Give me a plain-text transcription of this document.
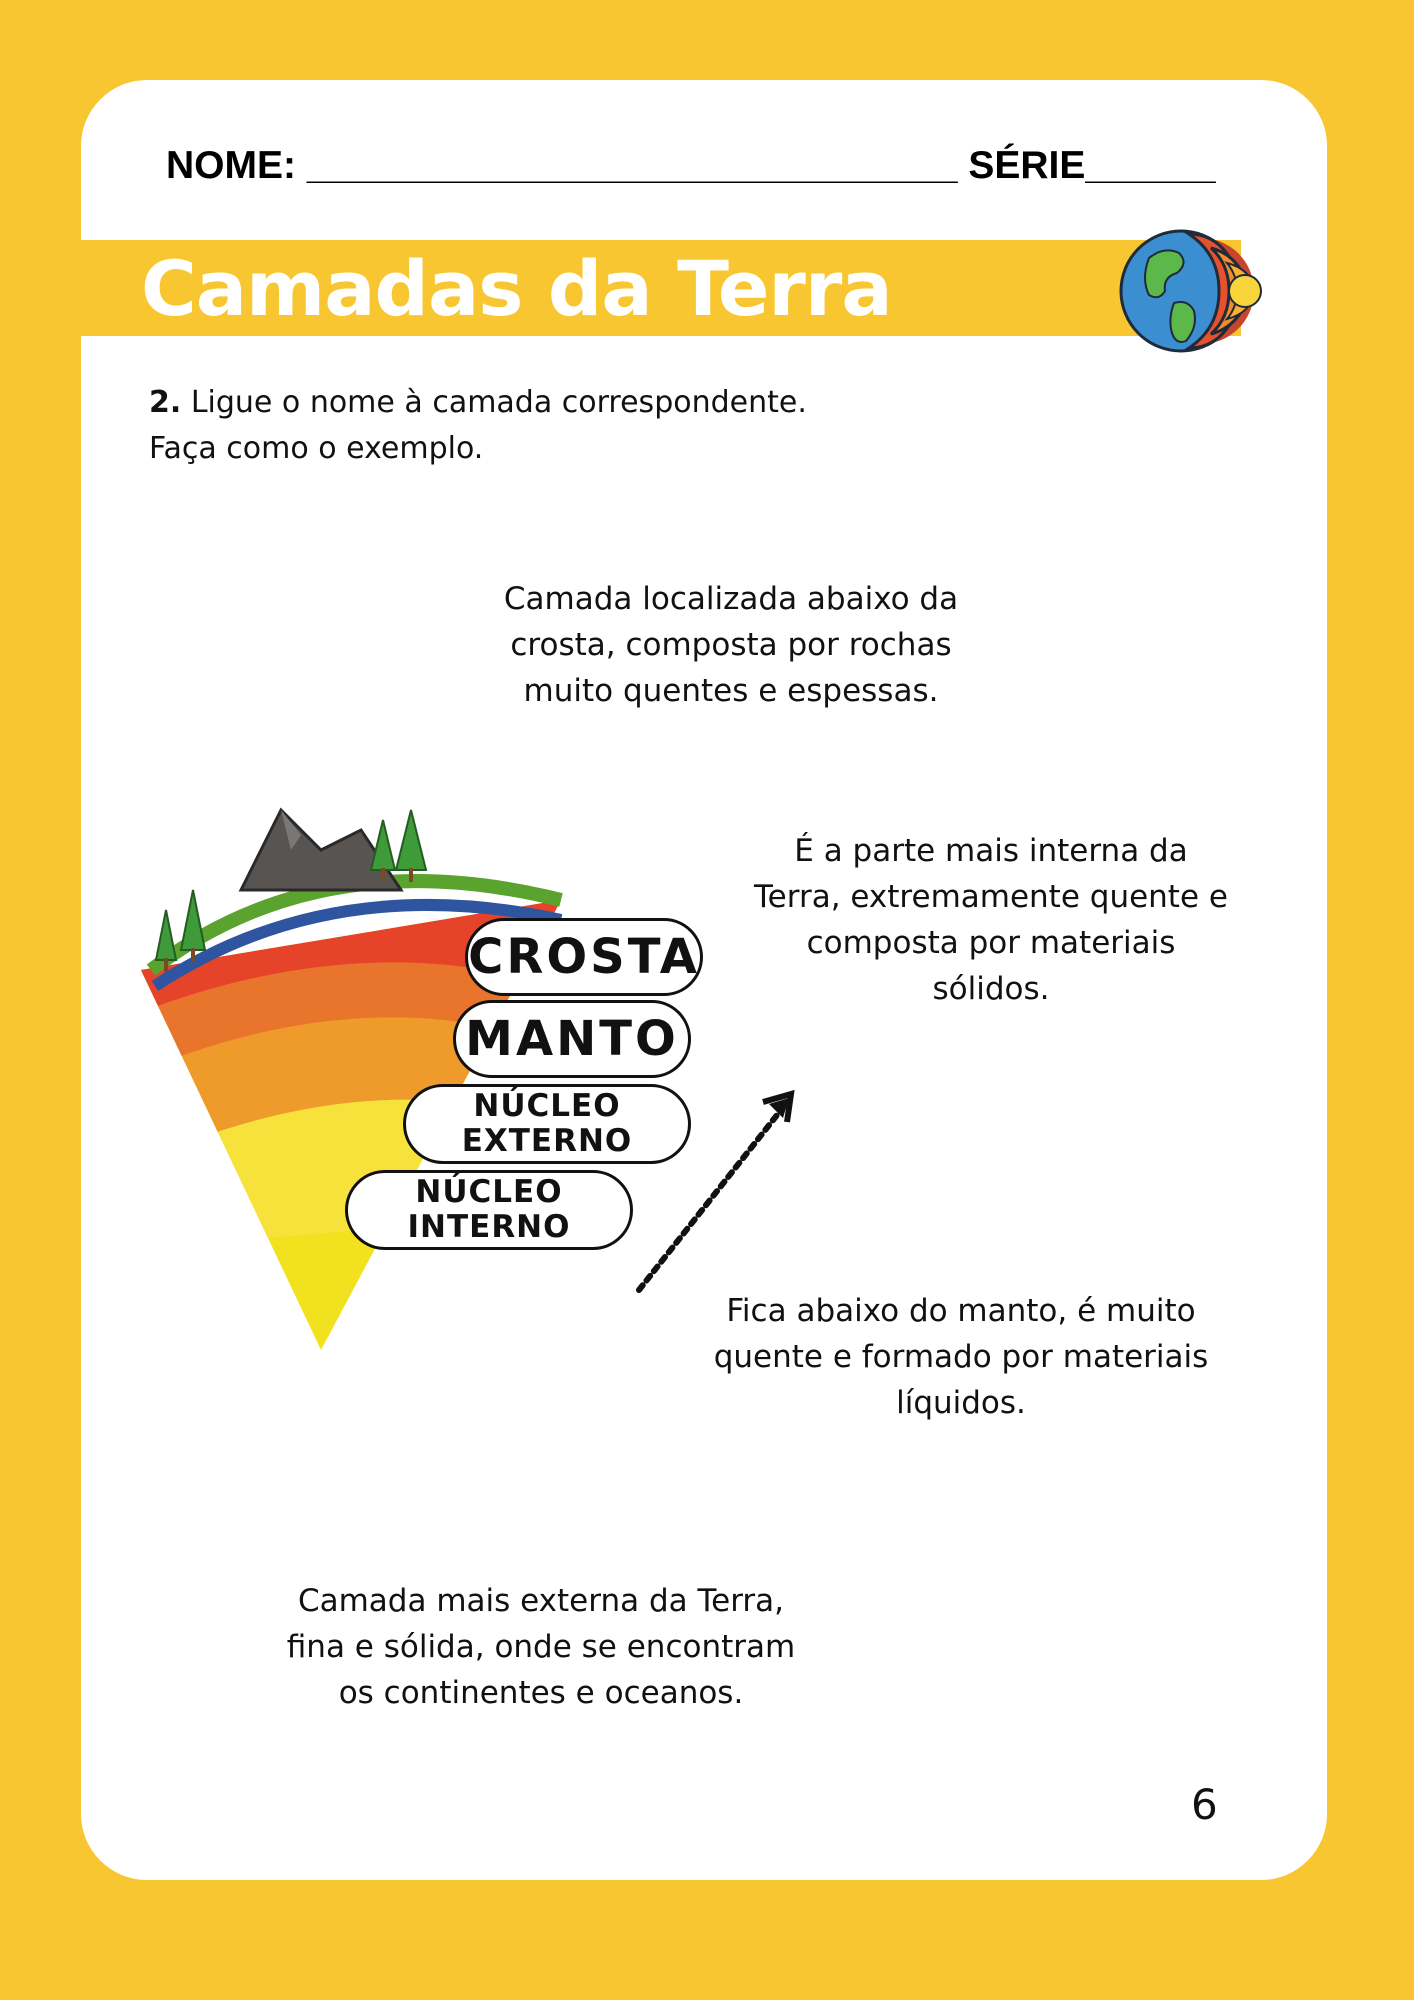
NOME: ______________________________ SÉRIE______
Camadas da Terra
2. Ligue o nome à camada correspondente.
Faça como o exemplo.
Camada localizada abaixo da
crosta, composta por rochas
muito quentes e espessas.
É a parte mais interna da
Terra, extremamente quente e
composta por materiais
sólidos.
Fica abaixo do manto, é muito
quente e formado por materiais
líquidos.
Camada mais externa da Terra,
fina e sólida, onde se encontram
os continentes e oceanos.
CROSTA
MANTO
NÚCLEO
EXTERNO
NÚCLEO
INTERNO
6
